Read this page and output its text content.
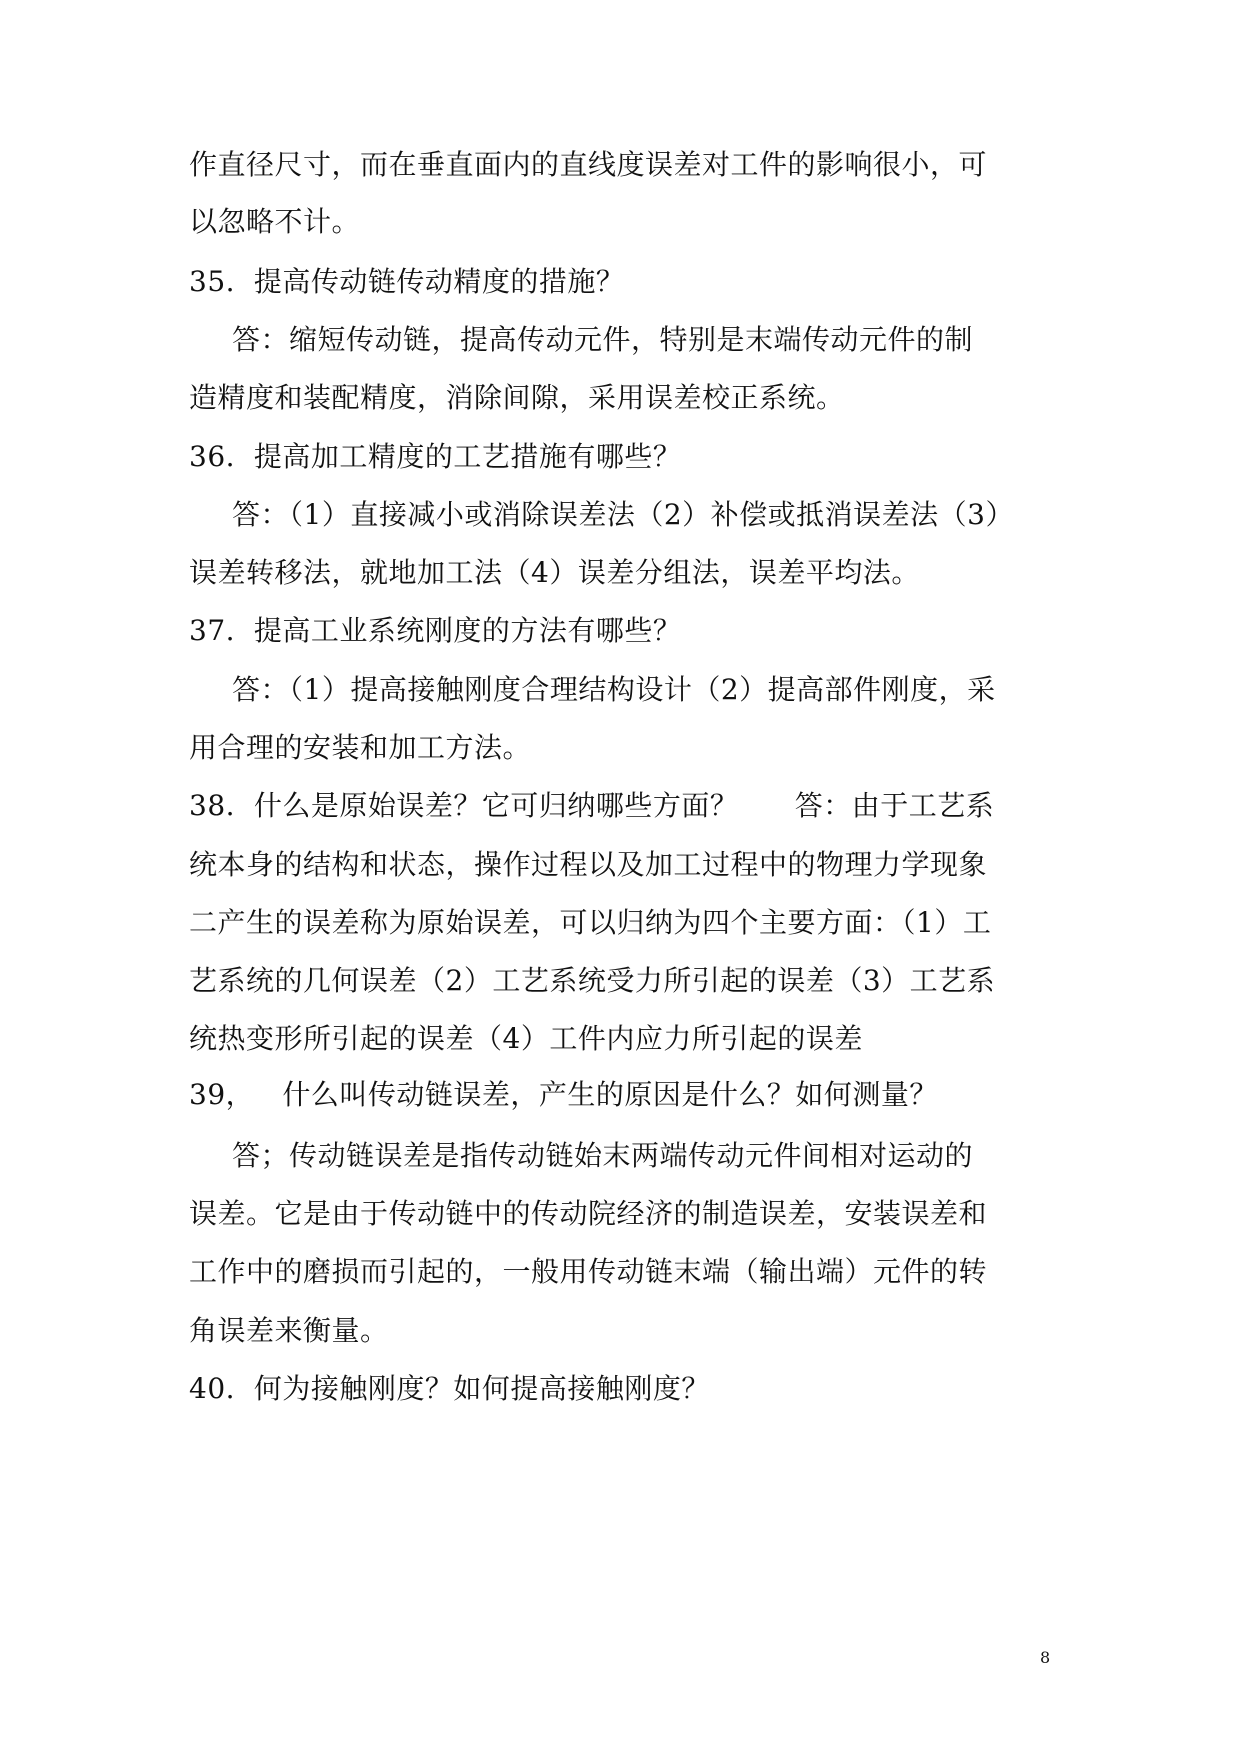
作直径尺寸，而在垂直面内的直线度误差对工件的影响很小，可
以忽略不计。
35.  提高传动链传动精度的措施？
答：缩短传动链，提高传动元件，特别是末端传动元件的制
造精度和装配精度，消除间隙，采用误差校正系统。
36.  提高加工精度的工艺措施有哪些？
答：（1）直接减小或消除误差法（2）补偿或抵消误差法（3）
误差转移法，就地加工法（4）误差分组法，误差平均法。
37.  提高工业系统刚度的方法有哪些？
答：（1）提高接触刚度合理结构设计（2）提高部件刚度，采
用合理的安装和加工方法。
38.  什么是原始误差？它可归纳哪些方面？      答：由于工艺系
统本身的结构和状态，操作过程以及加工过程中的物理力学现象
二产生的误差称为原始误差，可以归纳为四个主要方面：（1）工
艺系统的几何误差（2）工艺系统受力所引起的误差（3）工艺系
统热变形所引起的误差（4）工件内应力所引起的误差
39，   什么叫传动链误差，产生的原因是什么？如何测量？
答；传动链误差是指传动链始末两端传动元件间相对运动的
误差。它是由于传动链中的传动院经济的制造误差，安装误差和
工作中的磨损而引起的，一般用传动链末端（输出端）元件的转
角误差来衡量。
40.  何为接触刚度？如何提高接触刚度？
8
